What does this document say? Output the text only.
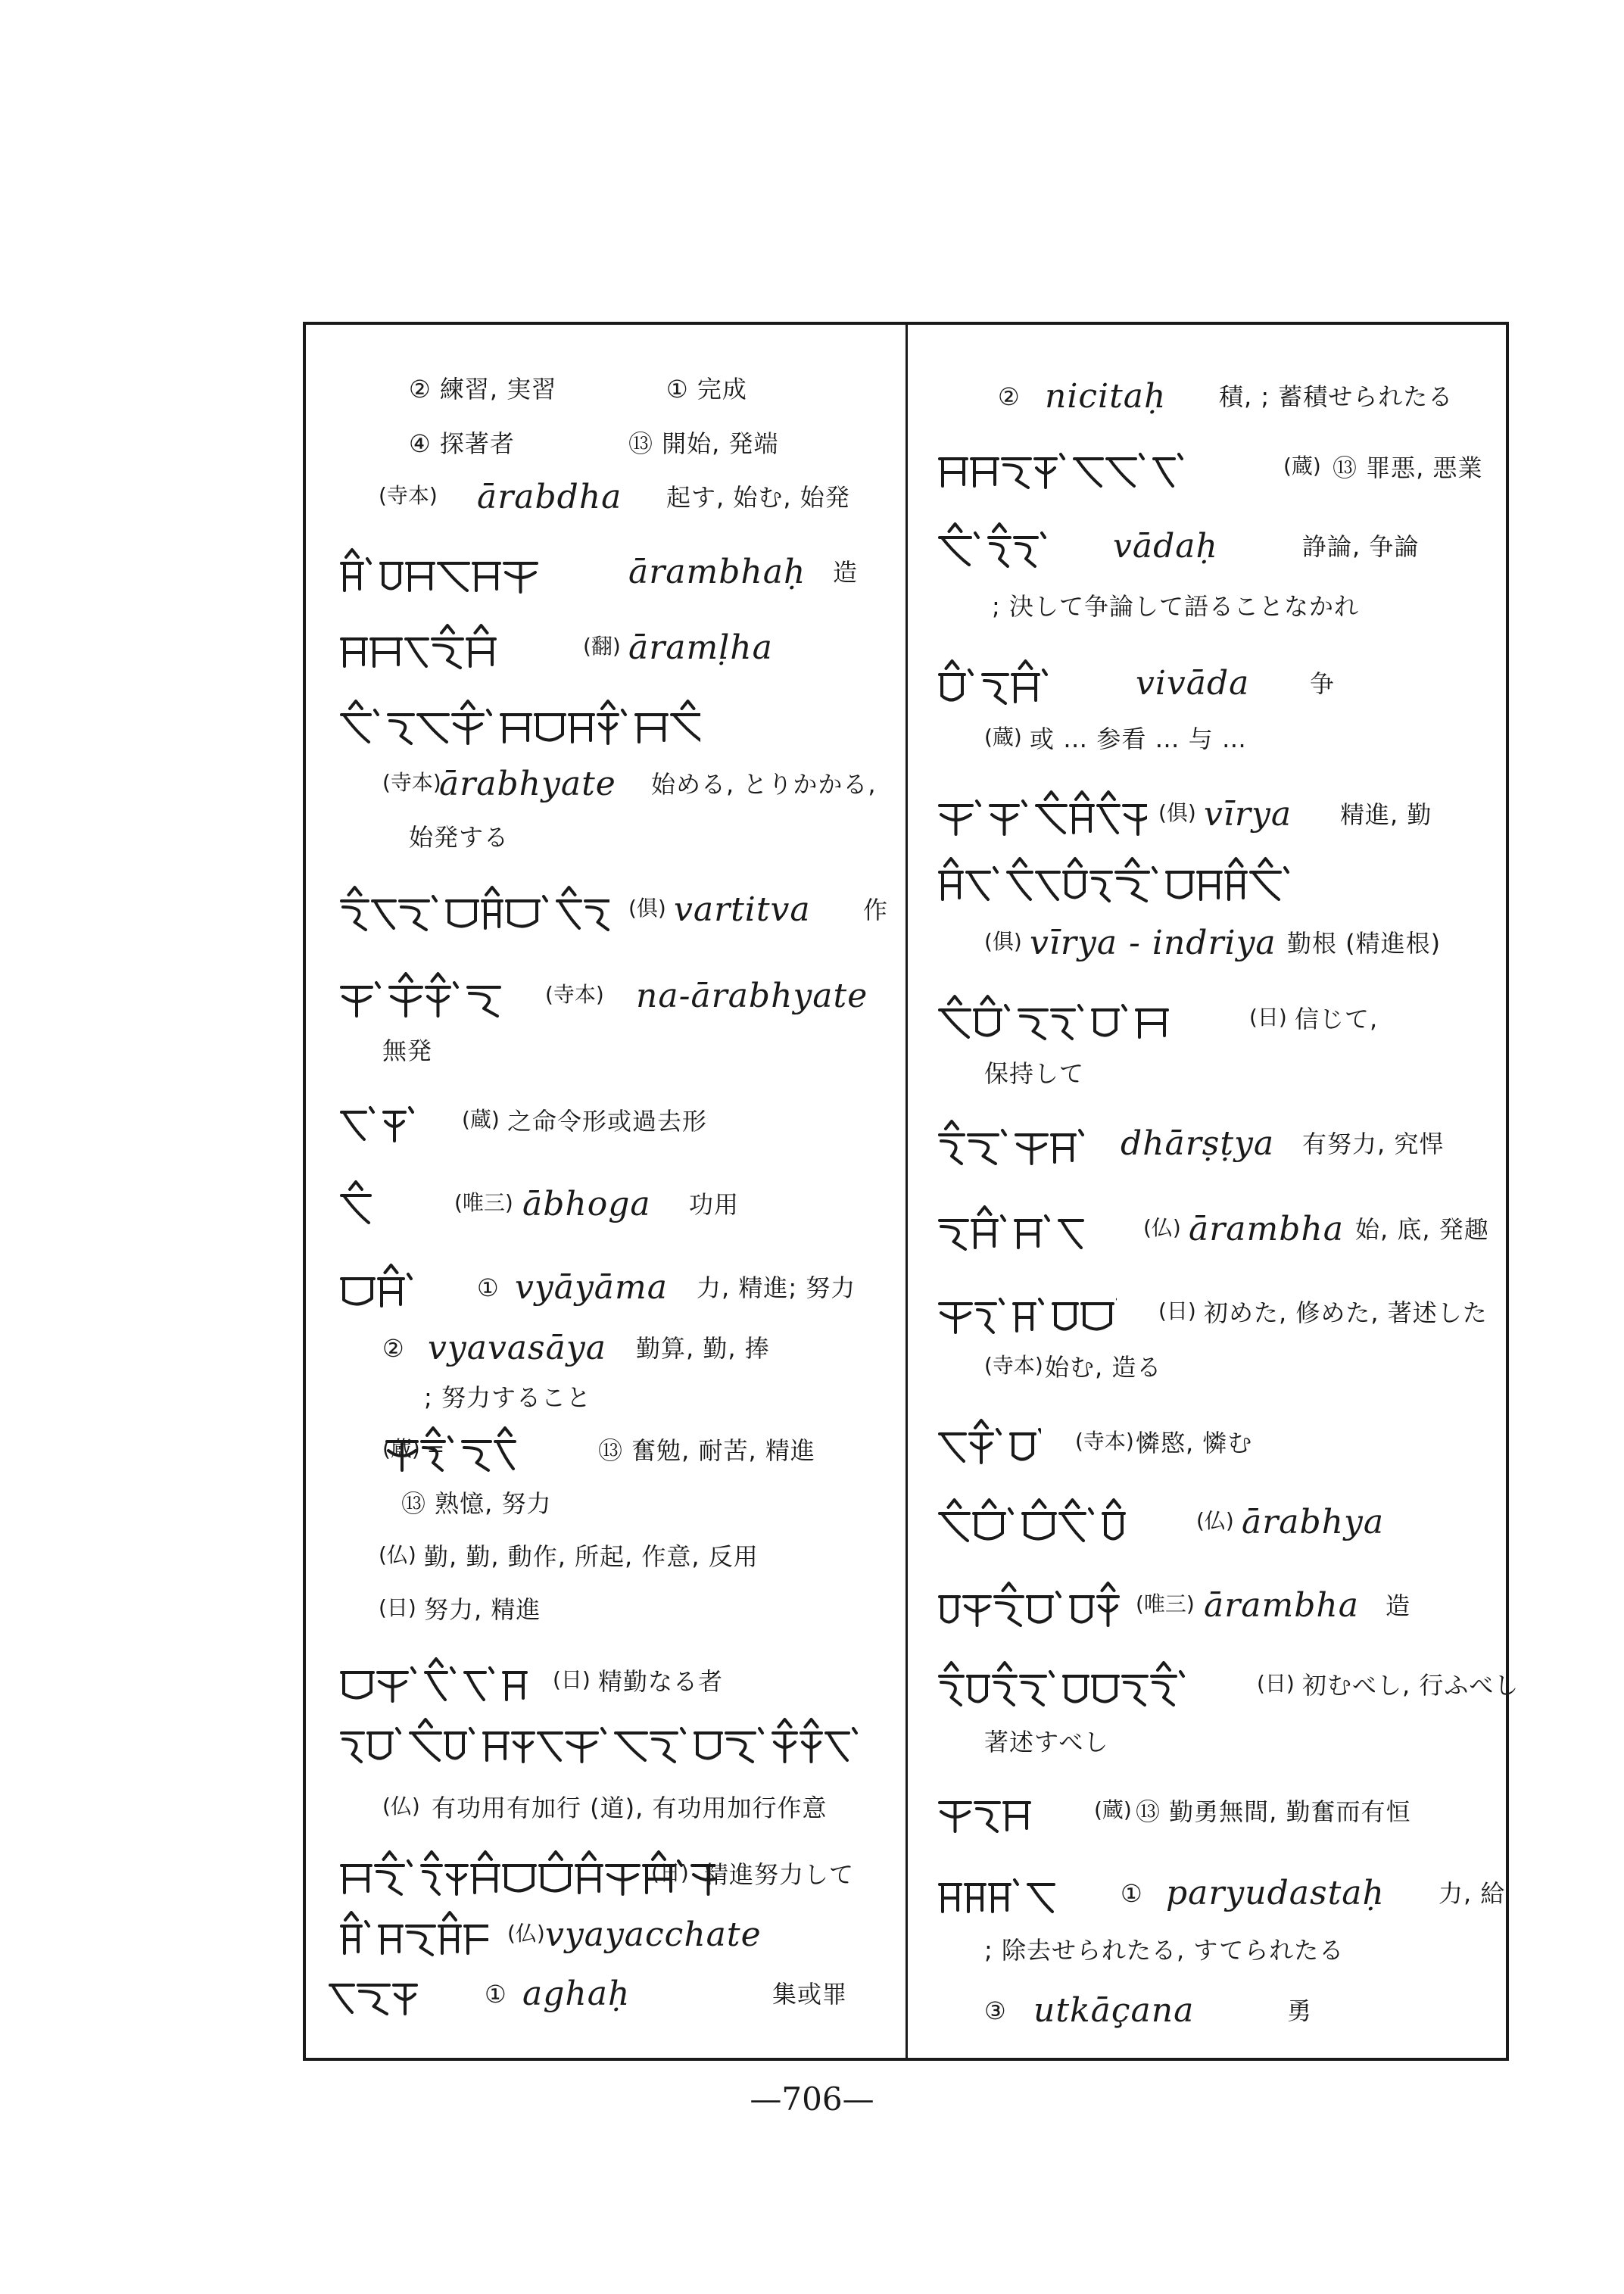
② 練習, 実習	① 完成
④ 探著者	⑬ 開始, 発端
(寺本) ārabdha 起す, 始む, 始発
ārambhaḥ 造
(翻) āramḷha
(寺本)
ārabhyate 始める, とりかかる,
始発する
(俱) vartitva 作
(寺本) na-ārabhyate
無発
(蔵) 之命令形或過去形
(唯三) ābhoga 功用
① vyāyāma 力, 精進; 努力
② vyavasāya 勤算, 勤, 捧
; 努力すること
(蔵) =	⑬ 奮勉, 耐苦, 精進
⑬ 熟憶, 努力
(仏) 勤, 勤, 動作, 所起, 作意, 反用
(日) 努力, 精進
(日) 精勤なる者
(仏) 有功用有加行 (道), 有功用加行作意
(日) 精進努力して
(仏) vyayacchate
① aghaḥ	集或罪
② nicitaḥ 積, ; 蓄積せられたる
(蔵) ⑬ 罪悪, 悪業
vādaḥ	諍論, 争論
; 決して争論して語ることなかれ
vivāda 争
(蔵) 或 … 参看 … 与 …
(俱) vīrya 精進, 勤
(俱) vīrya - indriya 勤根 (精進根)
(日) 信じて,
保持して
dhārṣṭya 有努力, 究悍
(仏) ārambha 始, 底, 発趣
(日) 初めた, 修めた, 著述した
(寺本) 始む, 造る
(寺本) 憐愍, 憐む
(仏) ārabhya
(唯三) ārambha 造
(日) 初むべし, 行ふべし
著述すべし
(蔵) ⑬ 勤勇無間, 勤奮而有恒
① paryudastaḥ 力, 給
; 除去せられたる, すてられたる
③ utkāçana	勇
—706—
